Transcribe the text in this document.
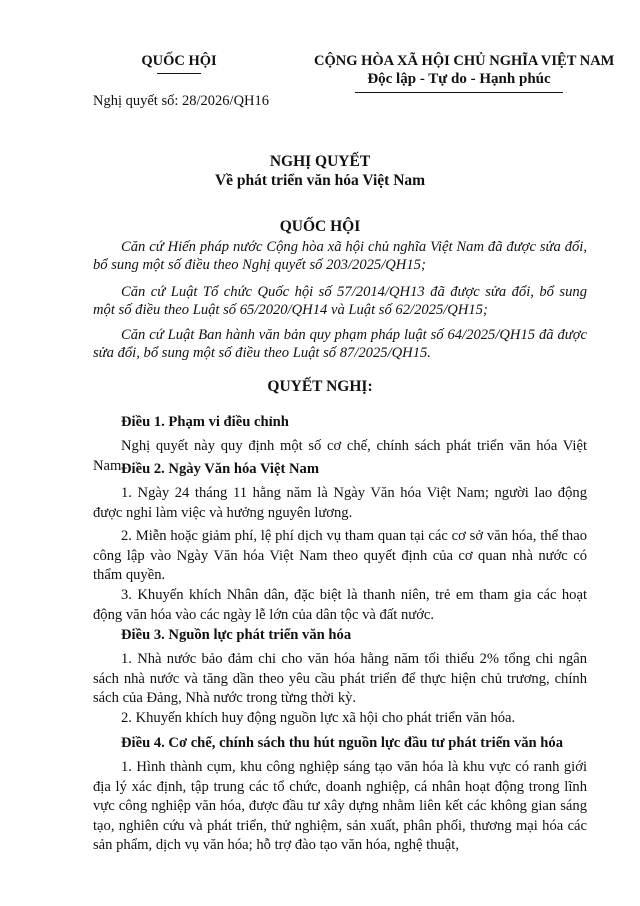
QUỐC HỘI
Nghị quyết số: 28/2026/QH16
CỘNG HÒA XÃ HỘI CHỦ NGHĨA VIỆT NAM
Độc lập - Tự do - Hạnh phúc
NGHỊ QUYẾT
Về phát triển văn hóa Việt Nam
QUỐC HỘI

Căn cứ Hiến pháp nước Cộng hòa xã hội chủ nghĩa Việt Nam đã được sửa đổi, bổ sung một số điều theo Nghị quyết số 203/2025/QH15;

Căn cứ Luật Tổ chức Quốc hội số 57/2014/QH13 đã được sửa đổi, bổ sung một số điều theo Luật số 65/2020/QH14 và Luật số 62/2025/QH15;

Căn cứ Luật Ban hành văn bản quy phạm pháp luật số 64/2025/QH15 đã được sửa đổi, bổ sung một số điều theo Luật số 87/2025/QH15.

QUYẾT NGHỊ:
Điều 1. Phạm vi điều chỉnh

Nghị quyết này quy định một số cơ chế, chính sách phát triển văn hóa Việt Nam.

Điều 2. Ngày Văn hóa Việt Nam

1. Ngày 24 tháng 11 hằng năm là Ngày Văn hóa Việt Nam; người lao động được nghỉ làm việc và hưởng nguyên lương.

2. Miễn hoặc giảm phí, lệ phí dịch vụ tham quan tại các cơ sở văn hóa, thể thao công lập vào Ngày Văn hóa Việt Nam theo quyết định của cơ quan nhà nước có thẩm quyền.

3. Khuyến khích Nhân dân, đặc biệt là thanh niên, trẻ em tham gia các hoạt động văn hóa vào các ngày lễ lớn của dân tộc và đất nước.

Điều 3. Nguồn lực phát triển văn hóa

1. Nhà nước bảo đảm chi cho văn hóa hằng năm tối thiểu 2% tổng chi ngân sách nhà nước và tăng dần theo yêu cầu phát triển để thực hiện chủ trương, chính sách của Đảng, Nhà nước trong từng thời kỳ.

2. Khuyến khích huy động nguồn lực xã hội cho phát triển văn hóa.

Điều 4. Cơ chế, chính sách thu hút nguồn lực đầu tư phát triển văn hóa

1. Hình thành cụm, khu công nghiệp sáng tạo văn hóa là khu vực có ranh giới địa lý xác định, tập trung các tổ chức, doanh nghiệp, cá nhân hoạt động trong lĩnh vực công nghiệp văn hóa, được đầu tư xây dựng nhằm liên kết các không gian sáng tạo, nghiên cứu và phát triển, thử nghiệm, sản xuất, phân phối, thương mại hóa các sản phẩm, dịch vụ văn hóa; hỗ trợ đào tạo văn hóa, nghệ thuật,
